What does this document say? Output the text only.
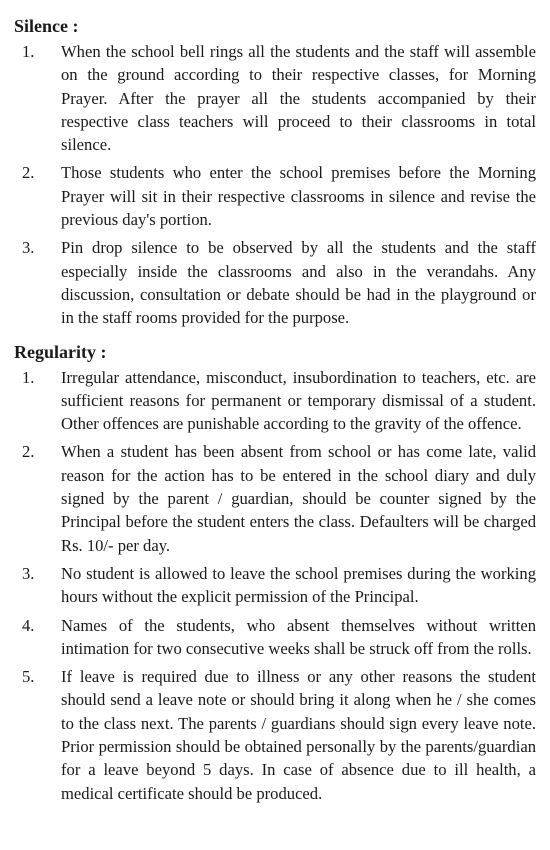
Silence :
1. When the school bell rings all the students and the staff will assemble on the ground according to their respective classes, for Morning Prayer. After the prayer all the students accompanied by their respective class teachers will proceed to their classrooms in total silence.
2. Those students who enter the school premises before the Morning Prayer will sit in their respective classrooms in silence and revise the previous day's portion.
3. Pin drop silence to be observed by all the students and the staff especially inside the classrooms and also in the verandahs. Any discussion, consultation or debate should be had in the playground or in the staff rooms provided for the purpose.
Regularity :
1. Irregular attendance, misconduct, insubordination to teachers, etc. are sufficient reasons for permanent or temporary dismissal of a student. Other offences are punishable according to the gravity of the offence.
2. When a student has been absent from school or has come late, valid reason for the action has to be entered in the school diary and duly signed by the parent / guardian, should be counter signed by the Principal before the student enters the class. Defaulters will be charged Rs. 10/- per day.
3. No student is allowed to leave the school premises during the working hours without the explicit permission of the Principal.
4. Names of the students, who absent themselves without written intimation for two consecutive weeks shall be struck off from the rolls.
5. If leave is required due to illness or any other reasons the student should send a leave note or should bring it along when he / she comes to the class next. The parents / guardians should sign every leave note. Prior permission should be obtained personally by the parents/guardian for a leave beyond 5 days. In case of absence due to ill health, a medical certificate should be produced.
